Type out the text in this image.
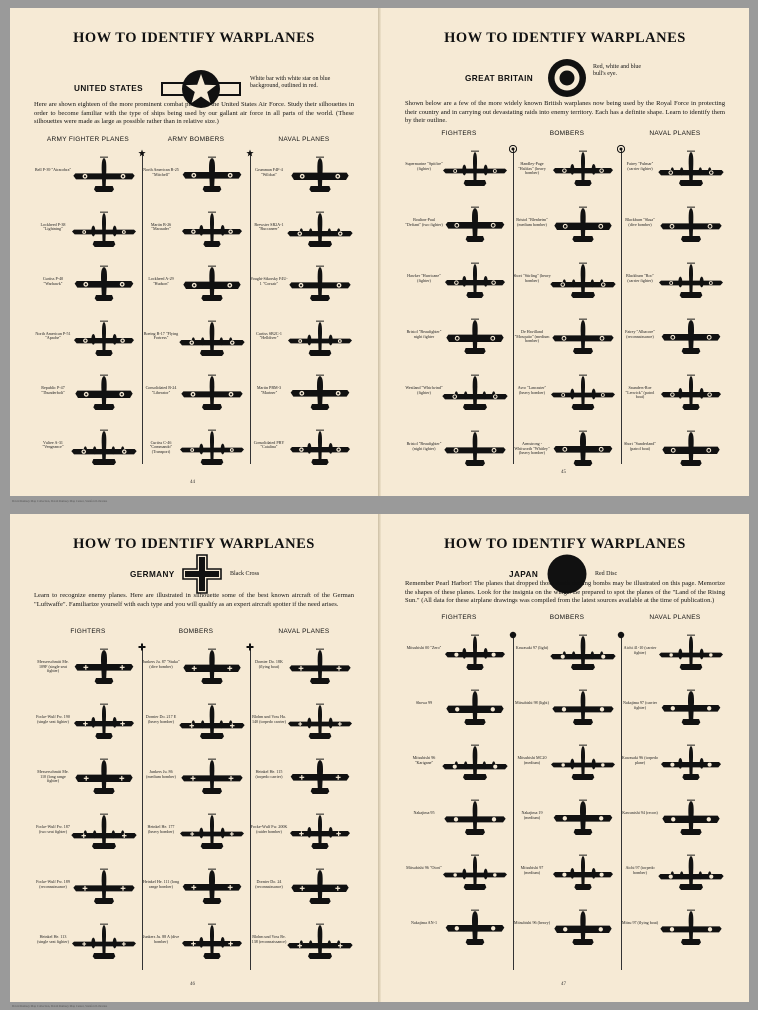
HOW TO IDENTIFY WARPLANES
UNITED STATES
White bar with white star on blue background, outlined in red.
Here are shown eighteen of the more prominent combat planes of the United States Air Force. Study their silhouettes in order to become familiar with the type of ships being used by our gallant air force in all parts of the world. (These silhouettes were made as large as possible rather than in relative size.)
ARMY FIGHTER PLANES
Bell P-39 "Airacobra"
Lockheed P-38 "Lightning"
Curtiss P-40 "Warhawk"
North American P-51 "Apache"
Republic P-47 "Thunderbolt"
Vultee A-31 "Vengeance"
ARMY BOMBERS
North American B-25 "Mitchell"
Martin B-26 "Marauder"
Lockheed A-29 "Hudson"
Boeing B-17 "Flying Fortress"
Consolidated B-24 "Liberator"
Curtiss C-46 "Commando" (Transport)
NAVAL PLANES
Grumman F4F-4 "Wildcat"
Brewster SB2A-1 "Buccaneer"
Vought-Sikorsky F4U-1 "Corsair"
Curtiss SB2C-1 "Helldiver"
Martin PBM-3 "Mariner"
Consolidated PBY "Catalina"
44
HOW TO IDENTIFY WARPLANES
GREAT BRITAIN
Red, white and blue bull's eye.
Shown below are a few of the more widely known British warplanes now being used by the Royal Force in protecting their country and in carrying out devastating raids into enemy territory. Each has a definite shape. Learn to identify them by their outline.
FIGHTERS
Supermarine "Spitfire" (fighter)
Boulton-Paul "Defiant" (two fighter)
Hawker "Hurricane" (fighter)
Bristol "Beaufighter" night fighter
Westland "Whirlwind" (fighter)
Bristol "Beaufighter" (night fighter)
BOMBERS
Handley-Page "Halifax" (heavy bomber)
Bristol "Blenheim" (medium bomber)
Short "Stirling" (heavy bomber)
De Havilland "Mosquito" (medium bomber)
Avro "Lancaster" (heavy bomber)
Armstrong - Whitworth "Whitley" (heavy bomber)
NAVAL PLANES
Fairey "Fulmar" (carrier fighter)
Blackburn "Skua" (dive bomber)
Blackburn "Roc" (carrier fighter)
Fairey "Albacore" (reconnaissance)
Saunders-Roe "Lerwick" (patrol boat)
Short "Sunderland" (patrol boat)
45
HOW TO IDENTIFY WARPLANES
GERMANY	Black Cross
Learn to recognize enemy planes. Here are illustrated in silhouette some of the best known aircraft of the German "Luftwaffe". Familiarize yourself with each type and you will qualify as an expert aircraft spotter if the need arises.
FIGHTERS
Messerschmitt Me. 109F (single seat fighter)
Focke-Wulf Fw. 190 (single seat fighter)
Messerschmitt Me. 110 (long range fighter)
Focke-Wulf Fw. 187 (two seat fighter)
Focke-Wulf Fw. 189 (reconnaissance)
Heinkel He. 113 (single seat fighter)
BOMBERS
Junkers Ju. 87 "Stuka" (dive bomber)
Dornier Do. 217 E (heavy bomber)
Junkers Ju. 86 (medium bomber)
Heinkel He. 177 (heavy bomber)
Heinkel He. 111 (long range bomber)
Junkers Ju. 88 A (dive bomber)
NAVAL PLANES
Dornier Do. 18K (flying boat)
Blohm und Voss Ha. 140 (torpedo carrier)
Heinkel He. 115 (torpedo carrier)
Focke-Wulf Fw. 200K (raider bomber)
Dornier Do. 24 (reconnaissance)
Blohm und Voss Bv. 138 (reconnaissance)
46
HOW TO IDENTIFY WARPLANES
JAPAN	Red Disc
Remember Pearl Harbor! The planes that dropped those death dealing bombs may be illustrated on this page. Memorize the shapes of these planes. Look for the insignia on the wings. Be prepared to spot the planes of the "Land of the Rising Sun." (All data for these airplane drawings was compiled from the latest sources available at the time of publication.)
FIGHTERS
Mitsubishi 00 "Zero"
Showa 99
Mitsubishi 96 "Karigane"
Nakajima 95
Mitsubishi 96 "Otori"
Nakajima AN-1
BOMBERS
Kawasaki 97 (light)
Mitsubishi 98 (light)
Mitsubishi MC20 (medium)
Nakajima 19 (medium)
Mitsubishi 97 (medium)
Mitsubishi 96 (heavy)
NAVAL PLANES
Aichi 41-10 (carrier fighter)
Nakajima 97 (carrier fighter)
Kawasaki 96 (torpedo plane)
Kawanishi 94 (recon)
Aichi 97 (torpedo bomber)
Mitsu 97 (flying boat)
47
David Rumsey Map Collection, David Rumsey Map Center, Stanford Libraries
David Rumsey Map Collection, David Rumsey Map Center, Stanford Libraries
